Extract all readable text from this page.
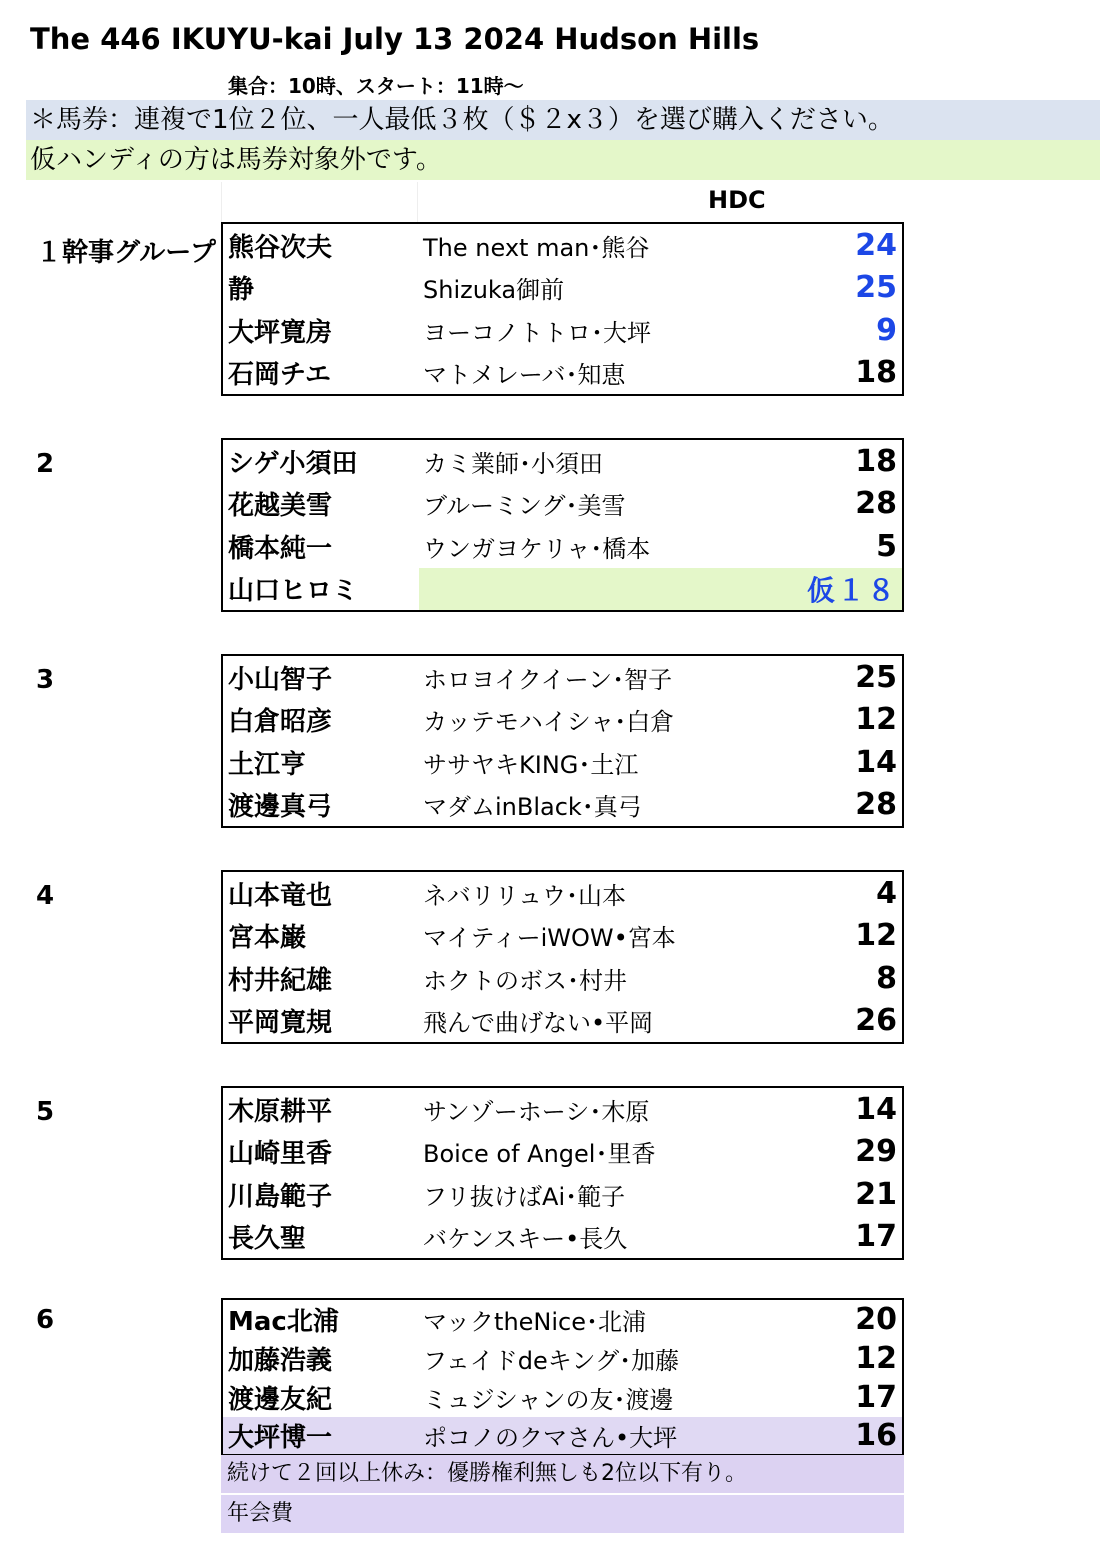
The 446 IKUYU-kai July 13 2024 Hudson Hills
集合：10時、スタート：11時〜
＊馬券：連複で1位２位、一人最低３枚（＄２x３）を選び購入ください。
仮ハンディの方は馬券対象外です。
HDC
１幹事グループ 熊谷次夫	The next man･熊谷	24
静	Shizuka御前	25
大坪寛房	ヨーコノトトロ･大坪	9
石岡チエ	マトメレーバ･知恵	18
2	シゲ小須田	カミ業師･小須田	18
花越美雪	ブルーミング･美雪	28
橋本純一	ウンガヨケリャ･橋本	5
山口ヒロミ	仮１８
3	小山智子	ホロヨイクイーン･智子	25
白倉昭彦	カッテモハイシャ･白倉	12
土江亨	ササヤキKING･土江	14
渡邊真弓	マダムinBlack･真弓	28
4	山本竜也	ネバリリュウ･山本	4
宮本巌	マイティーiWOW•宮本	12
村井紀雄	ホクトのボス･村井	8
平岡寛規	飛んで曲げない•平岡	26
5	木原耕平	サンゾーホーシ･木原	14
山崎里香	Boice of Angel･里香	29
川島範子	フリ抜けばAi･範子	21
長久聖	バケンスキー•長久	17
6	Mac北浦	マックtheNice･北浦	20
加藤浩義	フェイドdeキング･加藤	12
渡邊友紀	ミュジシャンの友･渡邊	17
大坪博一	ポコノのクマさん•大坪	16
続けて２回以上休み：優勝権利無しも2位以下有り。
年会費
